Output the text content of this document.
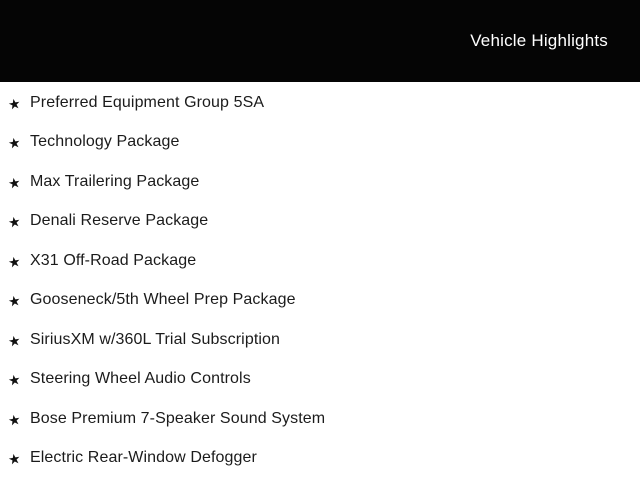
Vehicle Highlights
★ Preferred Equipment Group 5SA
★ Technology Package
★ Max Trailering Package
★ Denali Reserve Package
★ X31 Off-Road Package
★ Gooseneck/5th Wheel Prep Package
★ SiriusXM w/360L Trial Subscription
★ Steering Wheel Audio Controls
★ Bose Premium 7-Speaker Sound System
★ Electric Rear-Window Defogger
